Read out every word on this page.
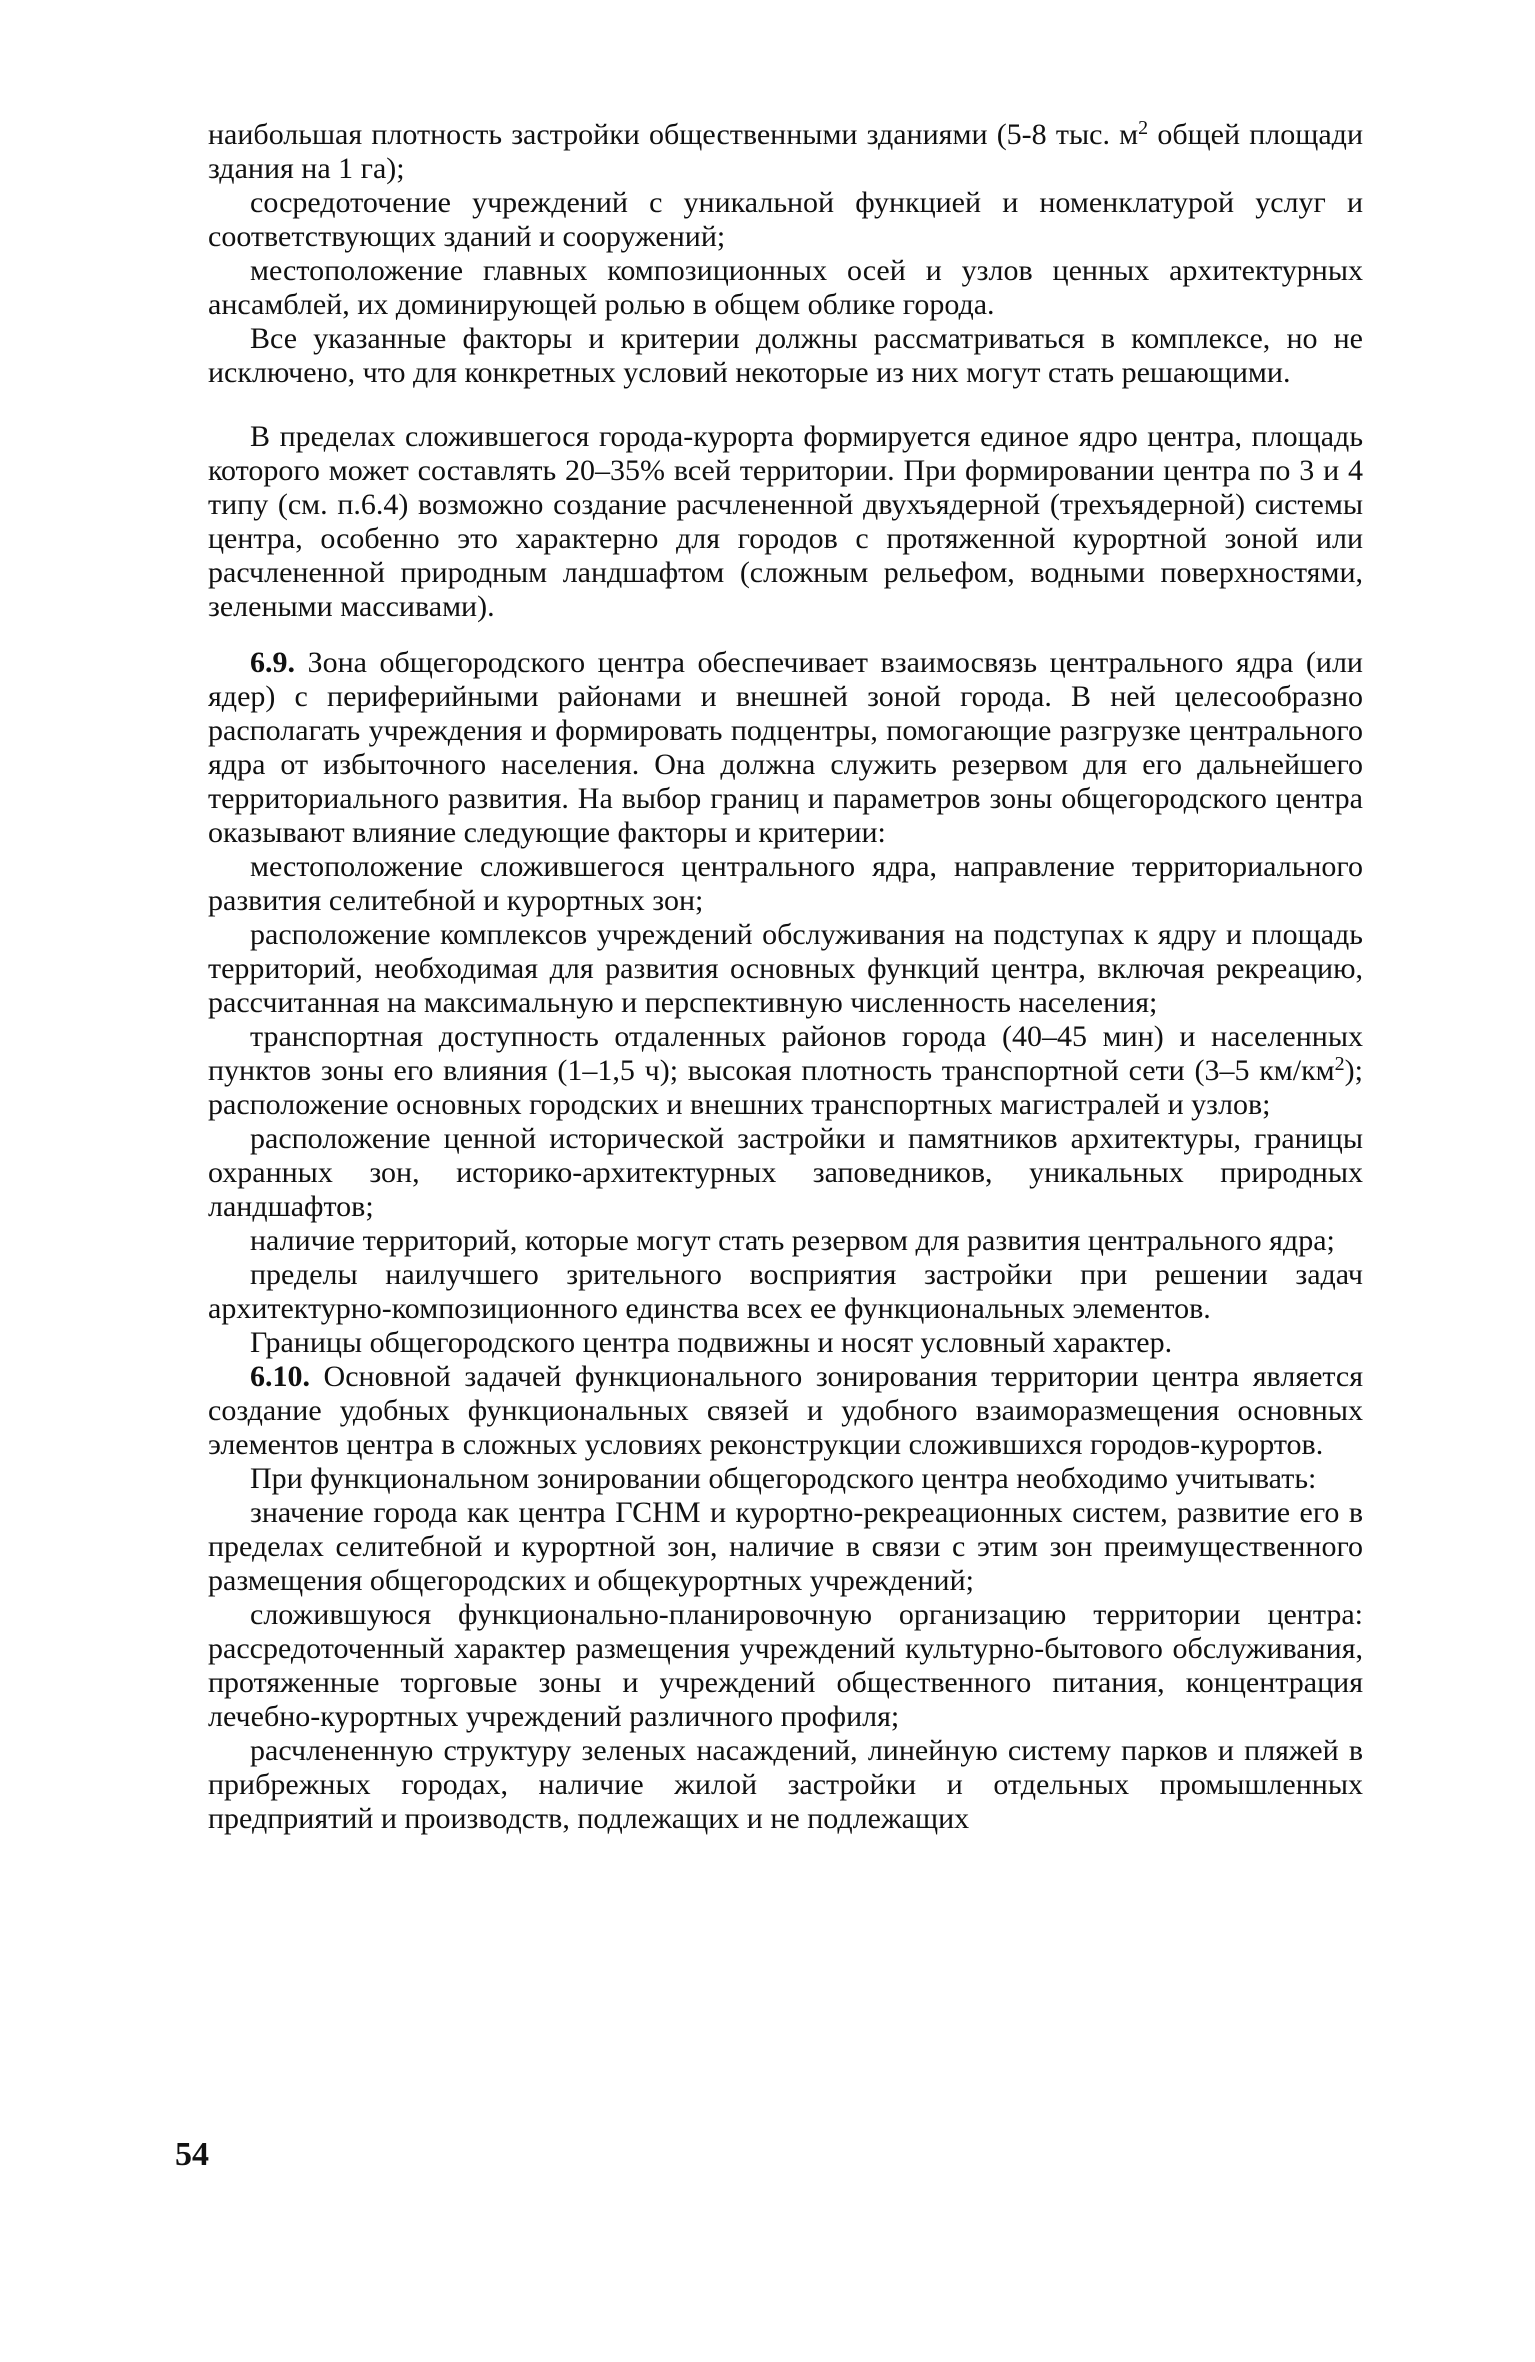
наибольшая плотность застройки общественными зданиями (5-8 тыс. $м^2$ общей площади здания на 1 га);

сосредоточение учреждений с уникальной функцией и номенклатурой услуг и соответствующих зданий и сооружений;

местоположение главных композиционных осей и узлов ценных архитектурных ансамблей, их доминирующей ролью в общем облике города.

Все указанные факторы и критерии должны рассматриваться в комплексе, но не исключено, что для конкретных условий некоторые из них могут стать решающими.

В пределах сложившегося города-курорта формируется единое ядро центра, площадь которого может составлять 20–35% всей территории. При формировании центра по 3 и 4 типу (см. п.6.4) возможно создание расчлененной двухъядерной (трехъядерной) системы центра, особенно это характерно для городов с протяженной курортной зоной или расчлененной природным ландшафтом (сложным рельефом, водными поверхностями, зелеными массивами).

6.9. Зона общегородского центра обеспечивает взаимосвязь центрального ядра (или ядер) с периферийными районами и внешней зоной города. В ней целесообразно располагать учреждения и формировать подцентры, помогающие разгрузке центрального ядра от избыточного населения. Она должна служить резервом для его дальнейшего территориального развития. На выбор границ и параметров зоны общегородского центра оказывают влияние следующие факторы и критерии:

местоположение сложившегося центрального ядра, направление территориального развития селитебной и курортных зон;

расположение комплексов учреждений обслуживания на подступах к ядру и площадь территорий, необходимая для развития основных функций центра, включая рекреацию, рассчитанная на максимальную и перспективную численность населения;

транспортная доступность отдаленных районов города (40–45 мин) и населенных пунктов зоны его влияния (1–1,5 ч); высокая плотность транспортной сети (3–5 $км/км^2$); расположение основных городских и внешних транспортных магистралей и узлов;

расположение ценной исторической застройки и памятников архитектуры, границы охранных зон, историко-архитектурных заповедников, уникальных природных ландшафтов;

наличие территорий, которые могут стать резервом для развития центрального ядра;

пределы наилучшего зрительного восприятия застройки при решении задач архитектурно-композиционного единства всех ее функциональных элементов.

Границы общегородского центра подвижны и носят условный характер.

6.10. Основной задачей функционального зонирования территории центра является создание удобных функциональных связей и удобного взаиморазмещения основных элементов центра в сложных условиях реконструкции сложившихся городов-курортов.

При функциональном зонировании общегородского центра необходимо учитывать:

значение города как центра ГСНМ и курортно-рекреационных систем, развитие его в пределах селитебной и курортной зон, наличие в связи с этим зон преимущественного размещения общегородских и общекурортных учреждений;

сложившуюся функционально-планировочную организацию территории центра: рассредоточенный характер размещения учреждений культурно-бытового обслуживания, протяженные торговые зоны и учреждений общественного питания, концентрация лечебно-курортных учреждений различного профиля;

расчлененную структуру зеленых насаждений, линейную систему парков и пляжей в прибрежных городах, наличие жилой застройки и отдельных промышленных предприятий и производств, подлежащих и не подлежащих

54
